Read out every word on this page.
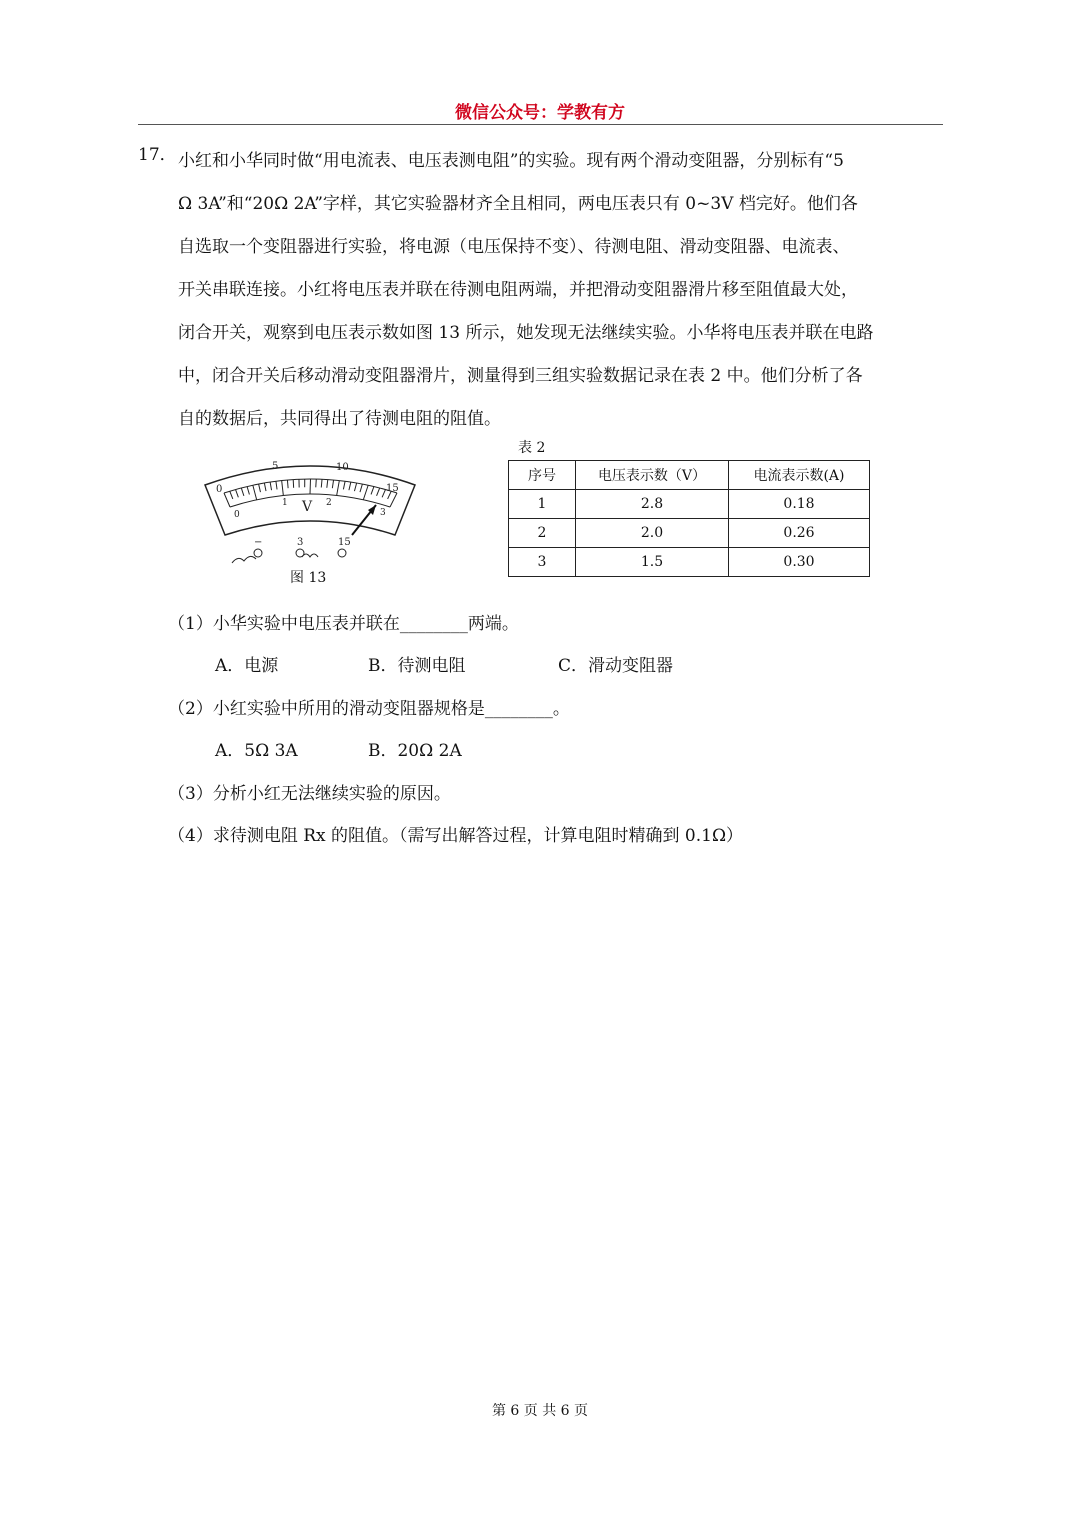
微信公众号：学教有方
17． 小红和小华同时做“用电流表、电压表测电阻”的实验。现有两个滑动变阻器，分别标有“5

Ω 3A”和“20Ω 2A”字样，其它实验器材齐全且相同，两电压表只有 0~3V 档完好。他们各

自选取一个变阻器进行实验，将电源（电压保持不变）、待测电阻、滑动变阻器、电流表、

开关串联连接。小红将电压表并联在待测电阻两端，并把滑动变阻器滑片移至阻值最大处，

闭合开关，观察到电压表示数如图 13 所示，她发现无法继续实验。小华将电压表并联在电路

中，闭合开关后移动滑动变阻器滑片，测量得到三组实验数据记录在表 2 中。他们分析了各

自的数据后，共同得出了待测电阻的阻值。

0
5	10
15
0
1	2
3
V
−	3	15
图 13
表 2
序号	电压表示数（V）	电流表示数(A)
1	2.8	0.18
2	2.0	0.26
3	1.5	0.30
（1）小华实验中电压表并联在________两端。
A．电源	B．待测电阻	C．滑动变阻器
（2）小红实验中所用的滑动变阻器规格是________。
A．5Ω 3A	B．20Ω 2A
（3）分析小红无法继续实验的原因。
（4）求待测电阻 Rx 的阻值。（需写出解答过程，计算电阻时精确到 0.1Ω）
第 6 页 共 6 页
